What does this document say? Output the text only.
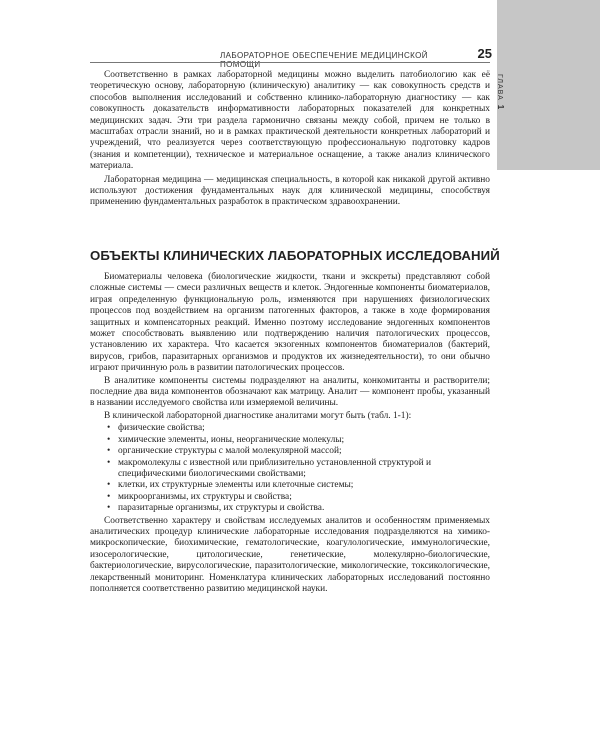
ГЛАВА1
ЛАБОРАТОРНОЕ ОБЕСПЕЧЕНИЕ МЕДИЦИНСКОЙ ПОМОЩИ
25

Соответственно в рамках лабораторной медицины можно выделить патобиологию как её теоретическую основу, лабораторную (клиническую) аналитику — как совокупность средств и способов выполнения исследований и собственно клинико-лабораторную диагностику — как совокупность доказательств информативности лабораторных показателей для конкретных медицинских задач. Эти три раздела гармонично связаны между собой, причем не только в масштабах отрасли знаний, но и в рамках практической деятельности конкретных лабораторий и учреждений, что реализуется через соответствующую профессиональную подготовку кадров (знания и компетенции), техническое и материальное оснащение, а также анализ клинического материала.

Лабораторная медицина — медицинская специальность, в которой как никакой другой активно используют достижения фундаментальных наук для клинической медицины, способствуя применению фундаментальных разработок в практическом здравоохранении.

ОБЪЕКТЫ КЛИНИЧЕСКИХ ЛАБОРАТОРНЫХ ИССЛЕДОВАНИЙ

Биоматериалы человека (биологические жидкости, ткани и экскреты) представляют собой сложные системы — смеси различных веществ и клеток. Эндогенные компоненты биоматериалов, играя определенную функциональную роль, изменяются при нарушениях физиологических процессов под воздействием на организм патогенных факторов, а также в ходе формирования защитных и компенсаторных реакций. Именно поэтому исследование эндогенных компонентов может способствовать выявлению или подтверждению наличия патологических процессов, установлению их характера. Что касается экзогенных компонентов биоматериалов (бактерий, вирусов, грибов, паразитарных организмов и продуктов их жизнедеятельности), то они обычно играют причинную роль в развитии патологических процессов.

В аналитике компоненты системы подразделяют на аналиты, конкомитанты и растворители; последние два вида компонентов обозначают как матрицу. Аналит — компонент пробы, указанный в названии исследуемого свойства или измеряемой величины.

В клинической лабораторной диагностике аналитами могут быть (табл. 1-1):

• физические свойства;
• химические элементы, ионы, неорганические молекулы;
• органические структуры с малой молекулярной массой;
• макромолекулы с известной или приблизительно установленной структурой и специфическими биологическими свойствами;
• клетки, их структурные элементы или клеточные системы;
• микроорганизмы, их структуры и свойства;
• паразитарные организмы, их структуры и свойства.

Соответственно характеру и свойствам исследуемых аналитов и особенностям применяемых аналитических процедур клинические лабораторные исследования подразделяются на химико-микроскопические, биохимические, гематологические, коагулологические, иммунологические, изосерологические, цитологические, генетические, молекулярно-биологические, бактериологические, вирусологические, паразитологические, микологические, токсикологические, лекарственный мониторинг. Номенклатура клинических лабораторных исследований постоянно пополняется соответственно развитию медицинской науки.
